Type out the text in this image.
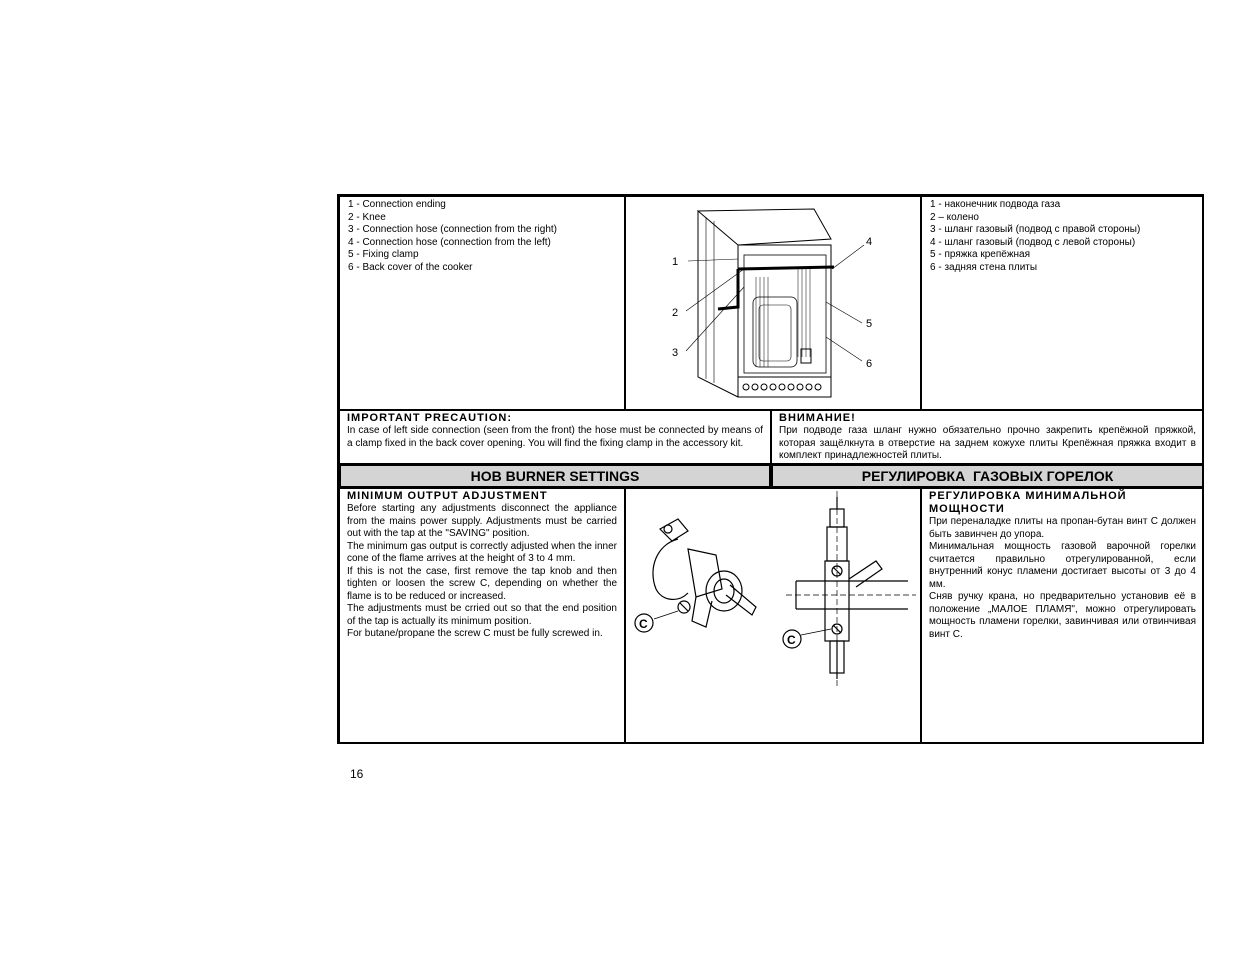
1 - Connection ending
2 - Knee
3 - Connection hose (connection from the right)
4 - Connection hose (connection from the left)
5 - Fixing clamp
6 - Back cover of the cooker	1
2
3
4
5
6
1 - наконечник подвода газа
2 – колено
3 - шланг газовый (подвод с правой стороны)
4 - шланг газовый (подвод с левой стороны)
5 - пряжка крепёжная
6 - задняя стена плиты
IMPORTANT PRECAUTION:
In case of left side connection (seen from the front) the hose must be connected by means of a clamp fixed in the back cover opening. You will find the fixing clamp in the accessory kit.
ВНИМАНИЕ!
При подводе газа шланг нужно обязательно прочно закрепить крепёжной пряжкой, которая защёлкнута в отверстие на заднем кожухе плиты Крепёжная пряжка входит в комплект принадлежностей плиты.
HOB BURNER SETTINGS	РЕГУЛИРОВКА  ГАЗОВЫХ ГОРЕЛОК
MINIMUM OUTPUT ADJUSTMENT
Before starting any adjustments disconnect the appliance from the mains power supply. Adjustments must be carried out with the tap at the "SAVING" position.
The minimum gas output is correctly adjusted when the inner cone of the flame arrives at the height of 3 to 4 mm.
If this is not the case, first remove the tap knob and then tighten or loosen the screw C, depending on whether the flame is to be reduced or increased.
The adjustments must be crried out so that the end position of the tap is actually its minimum position.
For butane/propane the screw C must be fully screwed in.
C
C
РЕГУЛИРОВКА МИНИМАЛЬНОЙ МОЩНОСТИ
При переналадке плиты на пропан-бутан винт С должен быть завинчен до упора.
Минимальная мощность газовой варочной горелки считается правильно отрегулированной, если внутренний конус пламени достигает высоты от 3 до 4 мм.
Сняв ручку крана, но предварительно установив её в положение „МАЛОЕ ПЛАМЯ", можно отрегулировать мощность пламени горелки, завинчивая или отвинчивая винт С.
16
